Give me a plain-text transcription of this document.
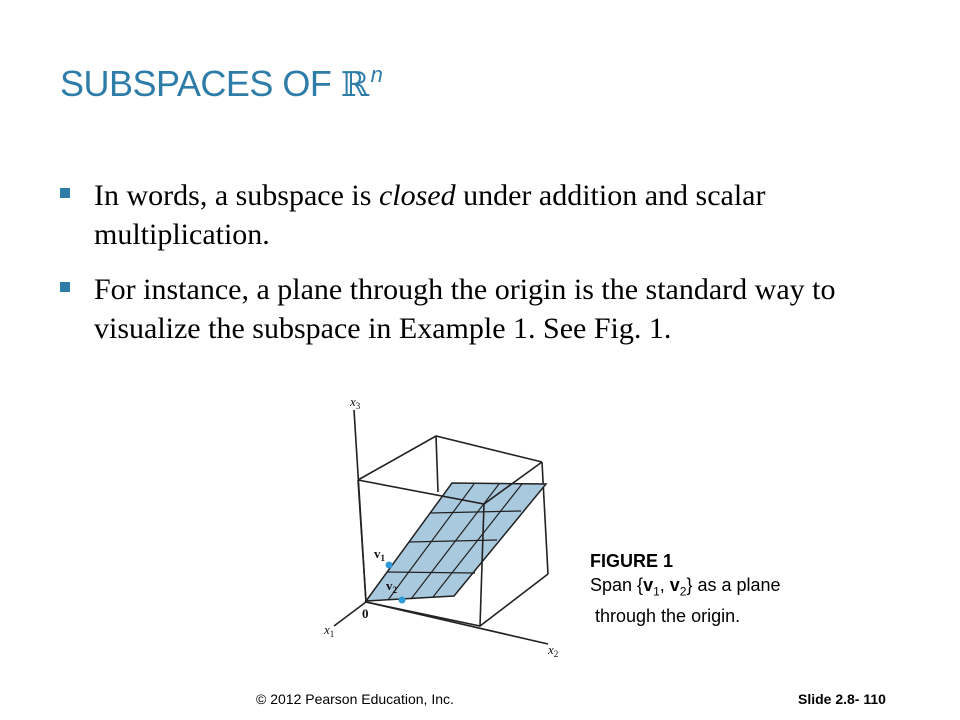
SUBSPACES OF ℝ$^n$
In words, a subspace is closed under addition and scalar multiplication.
For instance, a plane through the origin is the standard way to visualize the subspace in Example 1. See Fig. 1.
$x_3$
$x_1$
$x_2$
0
$v_1$
$v_2$
FIGURE 1
Span {$v_1$, $v_2$} as a plane
through the origin.
© 2012 Pearson Education, Inc.	Slide 2.8- 110
